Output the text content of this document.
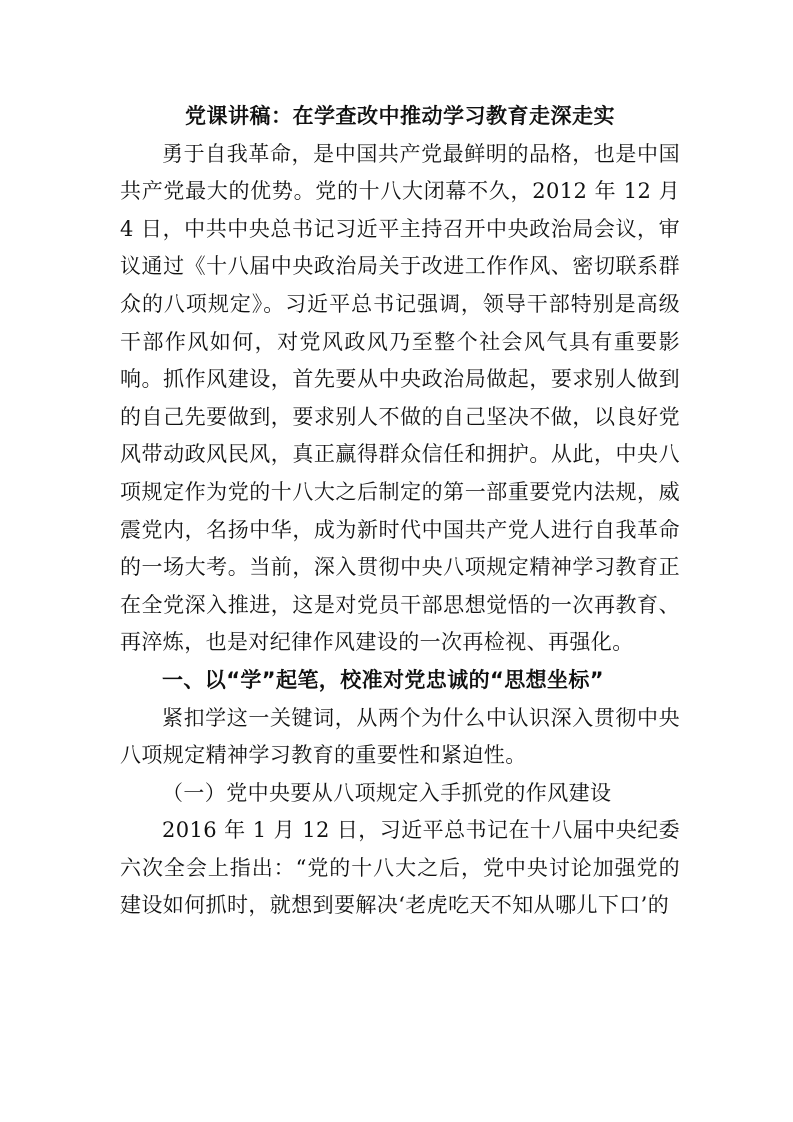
党课讲稿：在学查改中推动学习教育走深走实

勇于自我革命，是中国共产党最鲜明的品格，也是中国共产党最大的优势。党的十八大闭幕不久，2012 年 12 月 4 日，中共中央总书记习近平主持召开中央政治局会议，审议通过《十八届中央政治局关于改进工作作风、密切联系群众的八项规定》。习近平总书记强调，领导干部特别是高级干部作风如何，对党风政风乃至整个社会风气具有重要影响。抓作风建设，首先要从中央政治局做起，要求别人做到的自己先要做到，要求别人不做的自己坚决不做，以良好党风带动政风民风，真正赢得群众信任和拥护。从此，中央八项规定作为党的十八大之后制定的第一部重要党内法规，威震党内，名扬中华，成为新时代中国共产党人进行自我革命的一场大考。当前，深入贯彻中央八项规定精神学习教育正在全党深入推进，这是对党员干部思想觉悟的一次再教育、再淬炼，也是对纪律作风建设的一次再检视、再强化。

一、以“学”起笔，校准对党忠诚的“思想坐标”

紧扣学这一关键词，从两个为什么中认识深入贯彻中央八项规定精神学习教育的重要性和紧迫性。

（一）党中央要从八项规定入手抓党的作风建设

2016 年 1 月 12 日，习近平总书记在十八届中央纪委六次全会上指出：“党的十八大之后，党中央讨论加强党的建设如何抓时，就想到要解决‘老虎吃天不知从哪儿下口’的
